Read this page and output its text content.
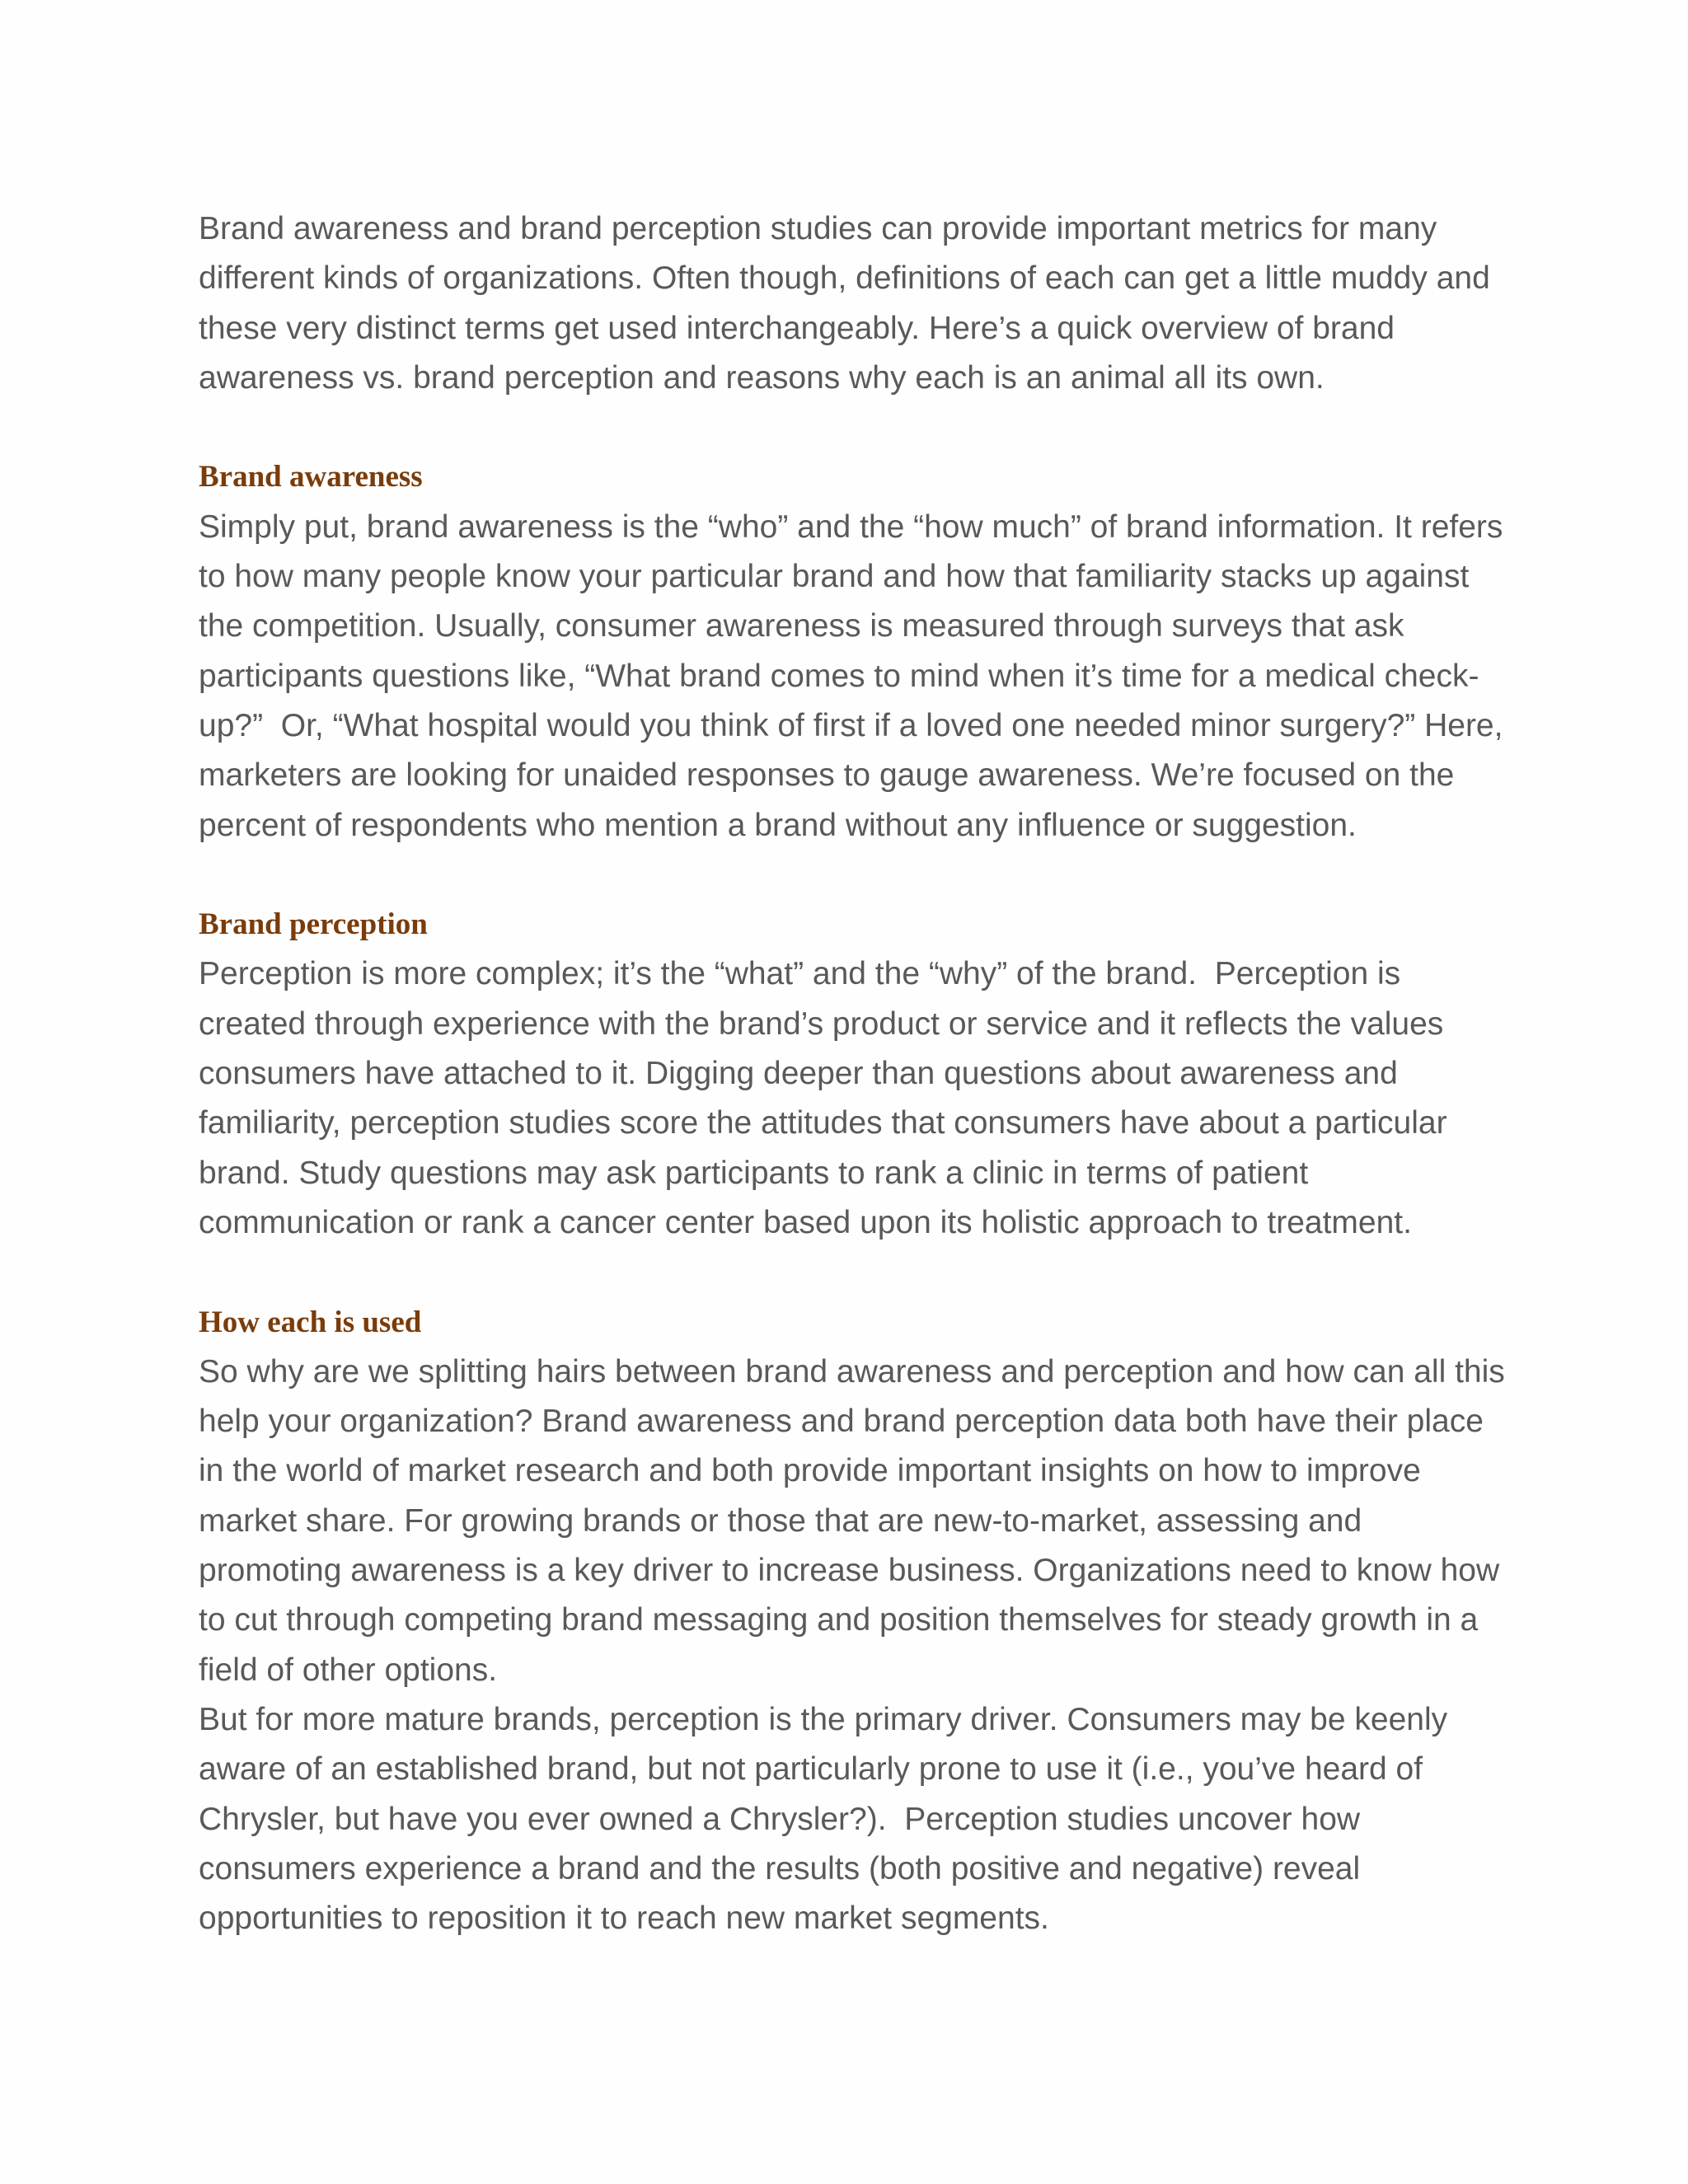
Brand awareness and brand perception studies can provide important metrics for many
different kinds of organizations. Often though, definitions of each can get a little muddy and
these very distinct terms get used interchangeably. Here’s a quick overview of brand
awareness vs. brand perception and reasons why each is an animal all its own.

Brand awareness

Simply put, brand awareness is the “who” and the “how much” of brand information. It refers
to how many people know your particular brand and how that familiarity stacks up against
the competition. Usually, consumer awareness is measured through surveys that ask
participants questions like, “What brand comes to mind when it’s time for a medical check-
up?”  Or, “What hospital would you think of first if a loved one needed minor surgery?” Here,
marketers are looking for unaided responses to gauge awareness. We’re focused on the
percent of respondents who mention a brand without any influence or suggestion.

Brand perception

Perception is more complex; it’s the “what” and the “why” of the brand.  Perception is
created through experience with the brand’s product or service and it reflects the values
consumers have attached to it. Digging deeper than questions about awareness and
familiarity, perception studies score the attitudes that consumers have about a particular
brand. Study questions may ask participants to rank a clinic in terms of patient
communication or rank a cancer center based upon its holistic approach to treatment.

How each is used

So why are we splitting hairs between brand awareness and perception and how can all this
help your organization? Brand awareness and brand perception data both have their place
in the world of market research and both provide important insights on how to improve
market share. For growing brands or those that are new-to-market, assessing and
promoting awareness is a key driver to increase business. Organizations need to know how
to cut through competing brand messaging and position themselves for steady growth in a
field of other options.

But for more mature brands, perception is the primary driver. Consumers may be keenly
aware of an established brand, but not particularly prone to use it (i.e., you’ve heard of
Chrysler, but have you ever owned a Chrysler?).  Perception studies uncover how
consumers experience a brand and the results (both positive and negative) reveal
opportunities to reposition it to reach new market segments.
